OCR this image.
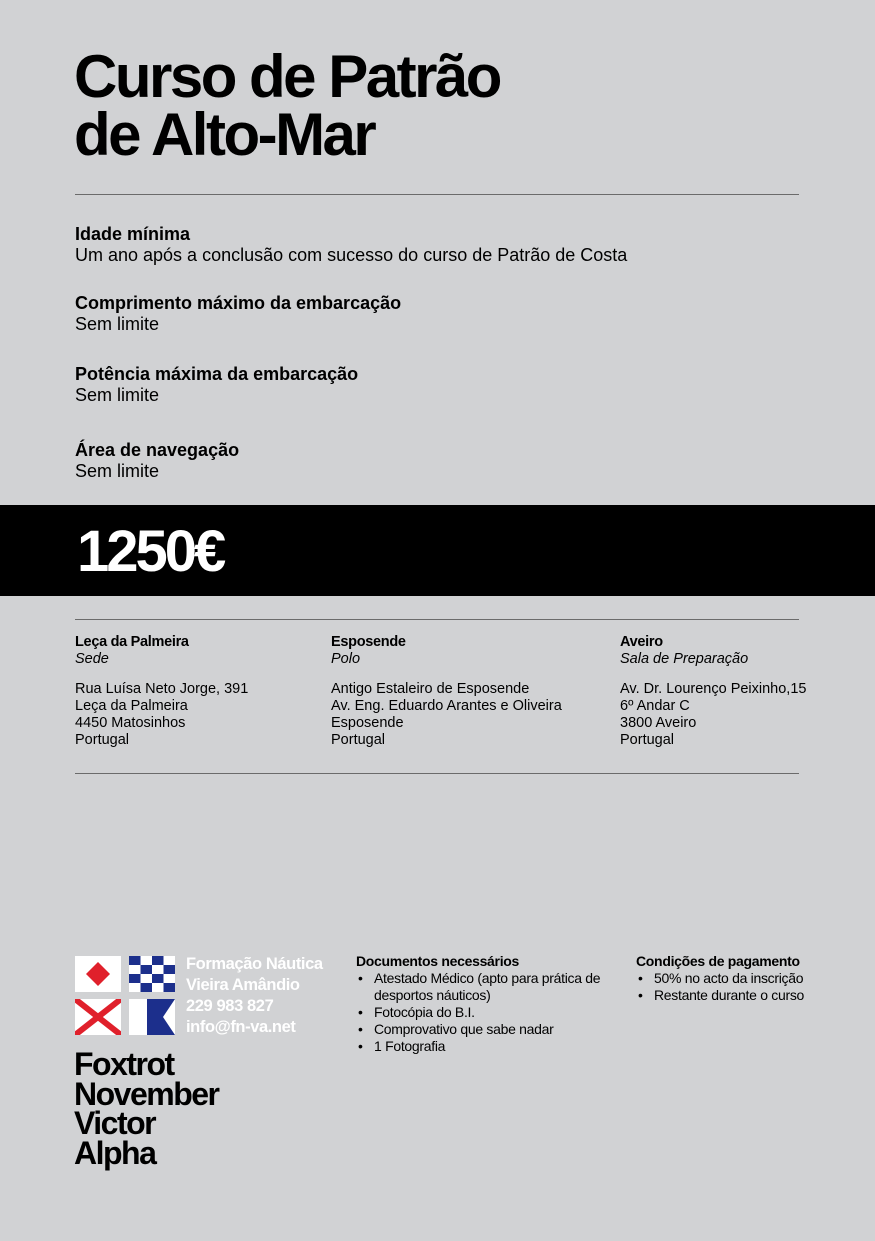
Curso de Patrão
de Alto-Mar
Idade mínima
Um ano após a conclusão com sucesso do curso de Patrão de Costa
Comprimento máximo da embarcação
Sem limite
Potência máxima da embarcação
Sem limite
Área de navegação
Sem limite
1250€
Leça da Palmeira
Sede
Rua Luísa Neto Jorge, 391
Leça da Palmeira
4450 Matosinhos
Portugal
Esposende
Polo
Antigo Estaleiro de Esposende
Av. Eng. Eduardo Arantes e Oliveira
Esposende
Portugal
Aveiro
Sala de Preparação
Av. Dr. Lourenço Peixinho,15
6º Andar C
3800 Aveiro
Portugal
Formação Náutica
Vieira Amândio
229 983 827
info@fn-va.net
Foxtrot
November
Victor
Alpha
Documentos necessários
• Atestado Médico (apto para prática de desportos náuticos)
• Fotocópia do B.I.
• Comprovativo que sabe nadar
• 1 Fotografia
Condições de pagamento
• 50% no acto da inscrição
• Restante durante o curso
